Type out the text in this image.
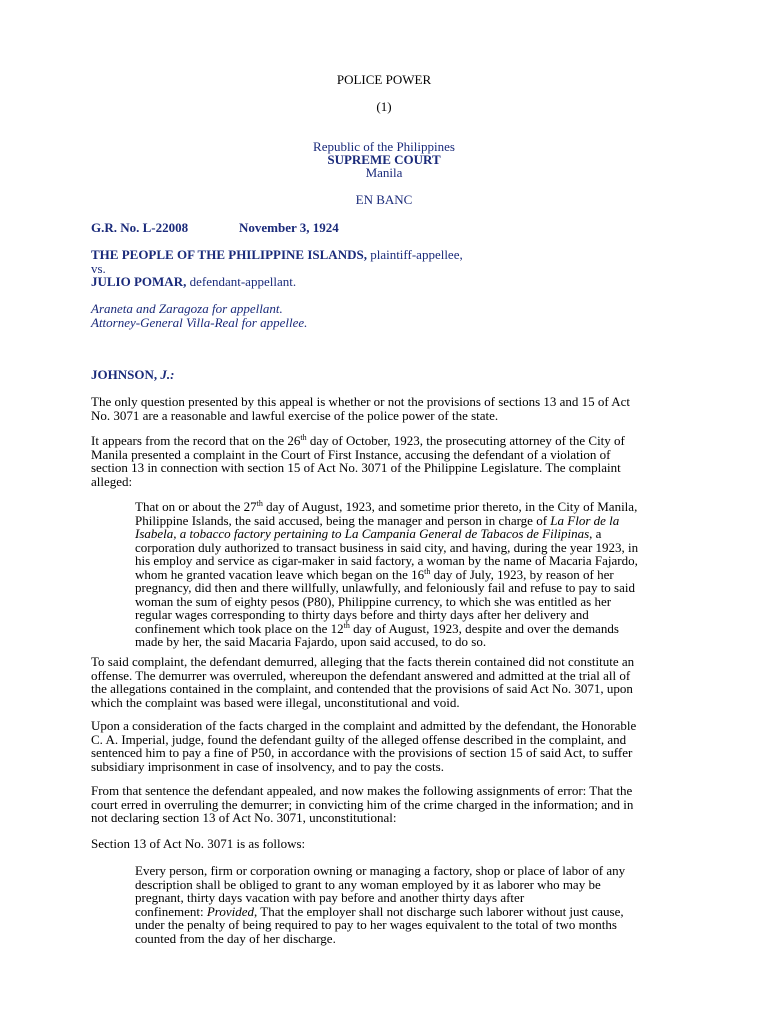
POLICE POWER
(1)
Republic of the Philippines
SUPREME COURT
Manila
EN BANC
G.R. No. L-22008	November 3, 1924
THE PEOPLE OF THE PHILIPPINE ISLANDS, plaintiff-appellee,
vs.
JULIO POMAR, defendant-appellant.
Araneta and Zaragoza for appellant.
Attorney-General Villa-Real for appellee.
JOHNSON, J.:
The only question presented by this appeal is whether or not the provisions of sections 13 and 15 of Act
No. 3071 are a reasonable and lawful exercise of the police power of the state.
It appears from the record that on the 26th day of October, 1923, the prosecuting attorney of the City of
Manila presented a complaint in the Court of First Instance, accusing the defendant of a violation of
section 13 in connection with section 15 of Act No. 3071 of the Philippine Legislature. The complaint
alleged:
That on or about the 27th day of August, 1923, and sometime prior thereto, in the City of Manila,
Philippine Islands, the said accused, being the manager and person in charge of La Flor de la
Isabela, a tobacco factory pertaining to La Campania General de Tabacos de Filipinas, a
corporation duly authorized to transact business in said city, and having, during the year 1923, in
his employ and service as cigar-maker in said factory, a woman by the name of Macaria Fajardo,
whom he granted vacation leave which began on the 16th day of July, 1923, by reason of her
pregnancy, did then and there willfully, unlawfully, and feloniously fail and refuse to pay to said
woman the sum of eighty pesos (P80), Philippine currency, to which she was entitled as her
regular wages corresponding to thirty days before and thirty days after her delivery and
confinement which took place on the 12th day of August, 1923, despite and over the demands
made by her, the said Macaria Fajardo, upon said accused, to do so.
To said complaint, the defendant demurred, alleging that the facts therein contained did not constitute an
offense. The demurrer was overruled, whereupon the defendant answered and admitted at the trial all of
the allegations contained in the complaint, and contended that the provisions of said Act No. 3071, upon
which the complaint was based were illegal, unconstitutional and void.
Upon a consideration of the facts charged in the complaint and admitted by the defendant, the Honorable
C. A. Imperial, judge, found the defendant guilty of the alleged offense described in the complaint, and
sentenced him to pay a fine of P50, in accordance with the provisions of section 15 of said Act, to suffer
subsidiary imprisonment in case of insolvency, and to pay the costs.
From that sentence the defendant appealed, and now makes the following assignments of error: That the
court erred in overruling the demurrer; in convicting him of the crime charged in the information; and in
not declaring section 13 of Act No. 3071, unconstitutional:
Section 13 of Act No. 3071 is as follows:
Every person, firm or corporation owning or managing a factory, shop or place of labor of any
description shall be obliged to grant to any woman employed by it as laborer who may be
pregnant, thirty days vacation with pay before and another thirty days after
confinement: Provided, That the employer shall not discharge such laborer without just cause,
under the penalty of being required to pay to her wages equivalent to the total of two months
counted from the day of her discharge.
